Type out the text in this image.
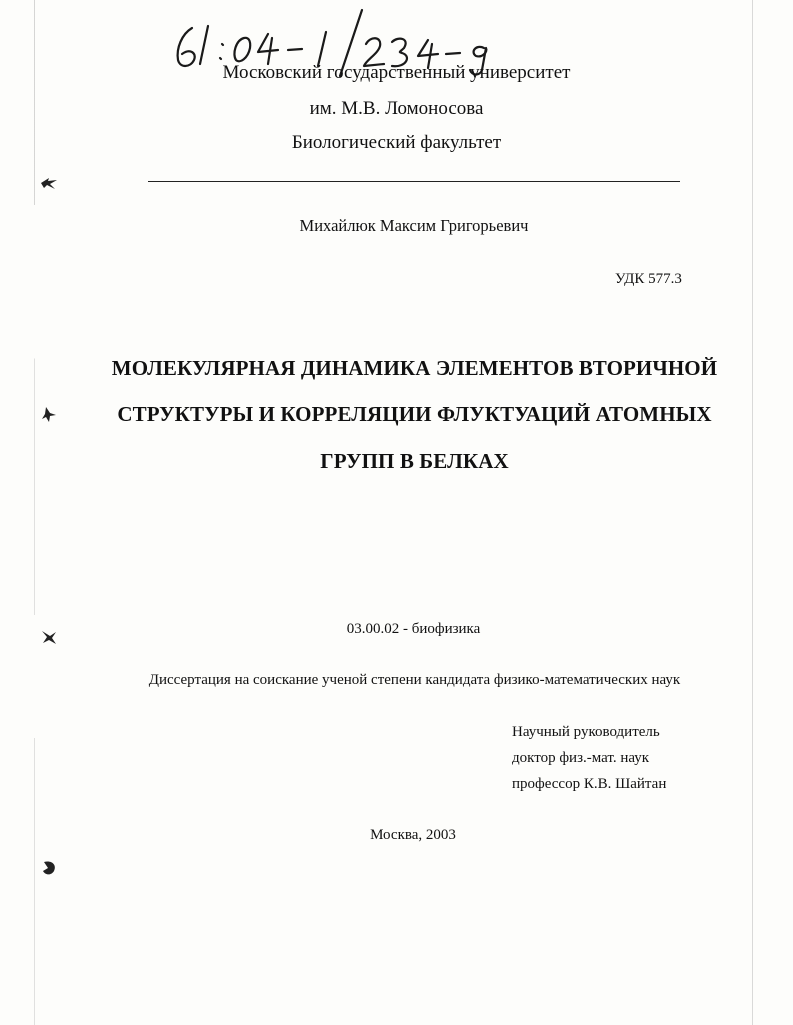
Московский государственный университет
им. М.В. Ломоносова
Биологический факультет
Михайлюк Максим Григорьевич
УДК 577.3
МОЛЕКУЛЯРНАЯ ДИНАМИКА ЭЛЕМЕНТОВ ВТОРИЧНОЙ
СТРУКТУРЫ И КОРРЕЛЯЦИИ ФЛУКТУАЦИЙ АТОМНЫХ
ГРУПП В БЕЛКАХ
03.00.02 - биофизика
Диссертация на соискание ученой степени кандидата физико-математических наук
Научный руководитель
доктор физ.-мат. наук
профессор К.В. Шайтан
Москва, 2003
